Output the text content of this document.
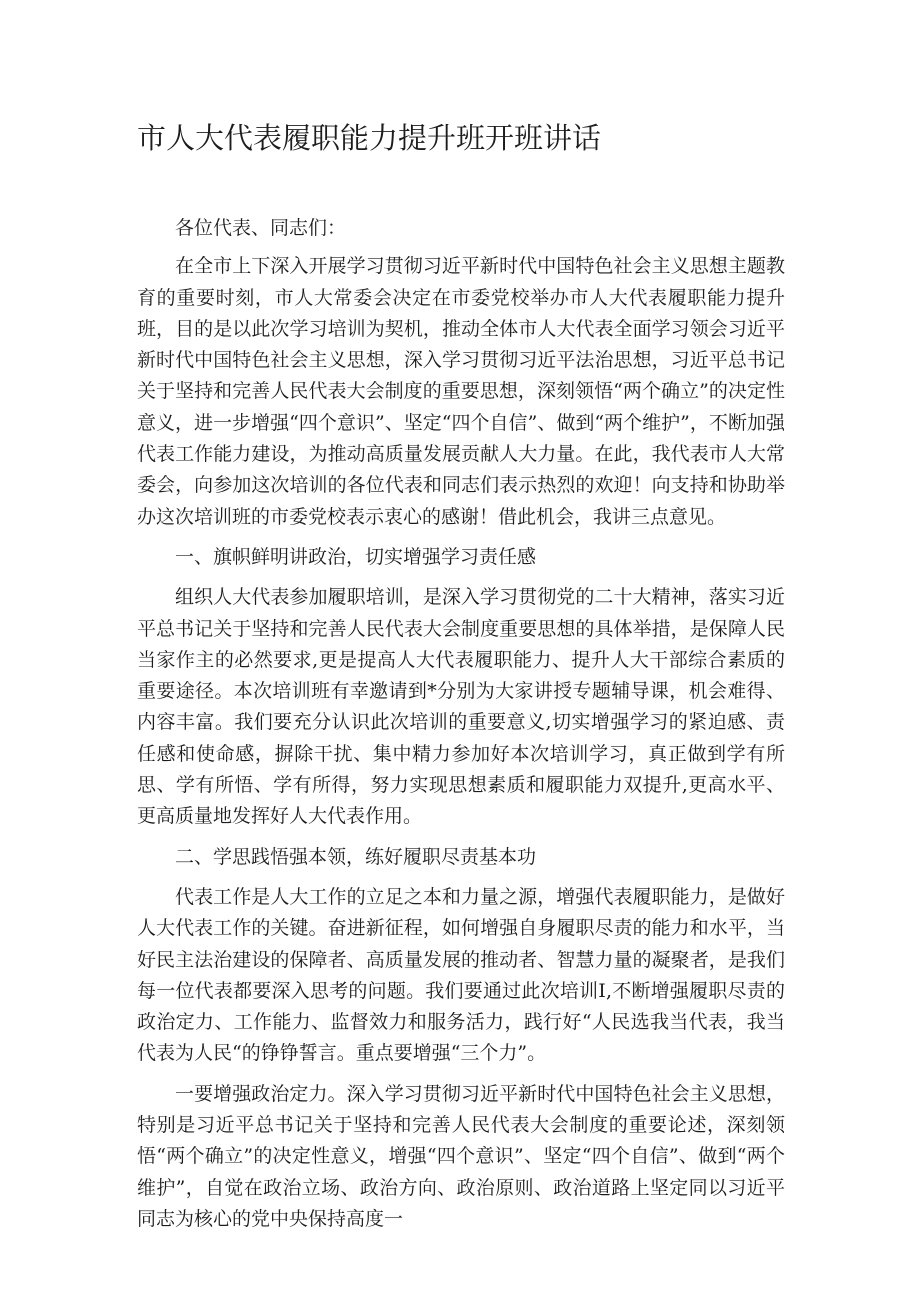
市人大代表履职能力提升班开班讲话

各位代表、同志们：

在全市上下深入开展学习贯彻习近平新时代中国特色社会主义思想主题教育的重要时刻，市人大常委会决定在市委党校举办市人大代表履职能力提升班，目的是以此次学习培训为契机，推动全体市人大代表全面学习领会习近平新时代中国特色社会主义思想，深入学习贯彻习近平法治思想，习近平总书记关于坚持和完善人民代表大会制度的重要思想，深刻领悟“两个确立”的决定性意义，进一步增强“四个意识”、坚定“四个自信”、做到“两个维护”，不断加强代表工作能力建设，为推动高质量发展贡献人大力量。在此，我代表市人大常委会，向参加这次培训的各位代表和同志们表示热烈的欢迎！向支持和协助举办这次培训班的市委党校表示衷心的感谢！借此机会，我讲三点意见。

一、旗帜鲜明讲政治，切实增强学习责任感

组织人大代表参加履职培训，是深入学习贯彻党的二十大精神，落实习近平总书记关于坚持和完善人民代表大会制度重要思想的具体举措，是保障人民当家作主的必然要求,更是提高人大代表履职能力、提升人大干部综合素质的重要途径。本次培训班有幸邀请到*分别为大家讲授专题辅导课，机会难得、内容丰富。我们要充分认识此次培训的重要意义,切实增强学习的紧迫感、责任感和使命感，摒除干扰、集中精力参加好本次培训学习，真正做到学有所思、学有所悟、学有所得，努力实现思想素质和履职能力双提升,更高水平、更高质量地发挥好人大代表作用。

二、学思践悟强本领，练好履职尽责基本功

代表工作是人大工作的立足之本和力量之源，增强代表履职能力，是做好人大代表工作的关键。奋进新征程，如何增强自身履职尽责的能力和水平，当好民主法治建设的保障者、高质量发展的推动者、智慧力量的凝聚者，是我们每一位代表都要深入思考的问题。我们要通过此次培训Ⅰ,不断增强履职尽责的政治定力、工作能力、监督效力和服务活力，践行好“人民选我当代表，我当代表为人民“的铮铮誓言。重点要增强“三个力”。

一要增强政治定力。深入学习贯彻习近平新时代中国特色社会主义思想，特别是习近平总书记关于坚持和完善人民代表大会制度的重要论述，深刻领悟“两个确立”的决定性意义，增强“四个意识”、坚定“四个自信”、做到“两个维护”，自觉在政治立场、政治方向、政治原则、政治道路上坚定同以习近平同志为核心的党中央保持高度一
